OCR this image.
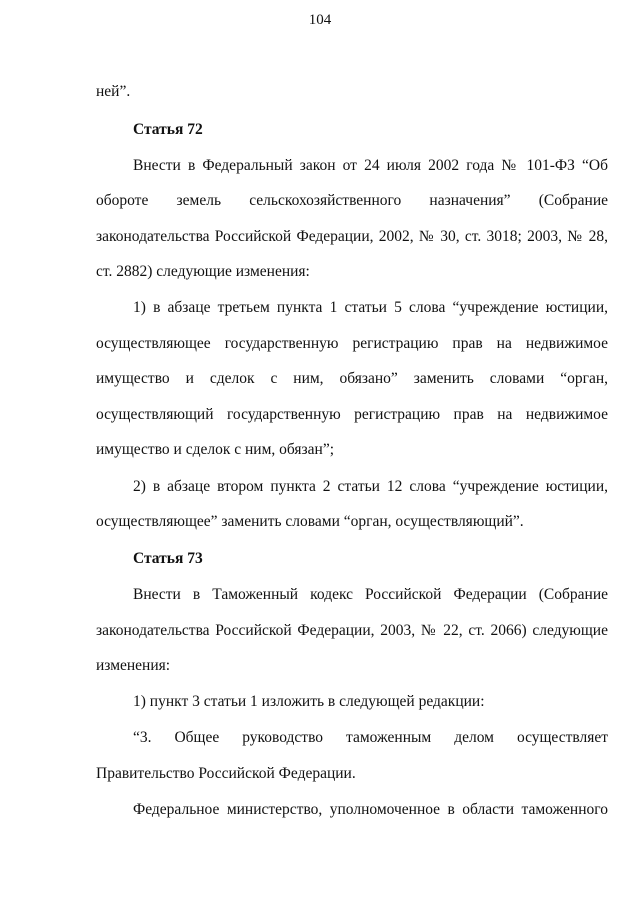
104
ней”.
Статья 72
Внести в Федеральный закон от 24 июля 2002 года № 101-ФЗ “Об
обороте земель сельскохозяйственного назначения” (Собрание
законодательства Российской Федерации, 2002, № 30, ст. 3018; 2003, № 28,
ст. 2882) следующие изменения:
1) в абзаце третьем пункта 1 статьи 5 слова “учреждение юстиции,
осуществляющее государственную регистрацию прав на недвижимое
имущество и сделок с ним, обязано” заменить словами “орган,
осуществляющий государственную регистрацию прав на недвижимое
имущество и сделок с ним, обязан”;
2) в абзаце втором пункта 2 статьи 12 слова “учреждение юстиции,
осуществляющее” заменить словами “орган, осуществляющий”.
Статья 73
Внести в Таможенный кодекс Российской Федерации (Собрание
законодательства Российской Федерации, 2003, № 22, ст. 2066) следующие
изменения:
1) пункт 3 статьи 1 изложить в следующей редакции:
“3. Общее руководство таможенным делом осуществляет
Правительство Российской Федерации.
Федеральное министерство, уполномоченное в области таможенного
